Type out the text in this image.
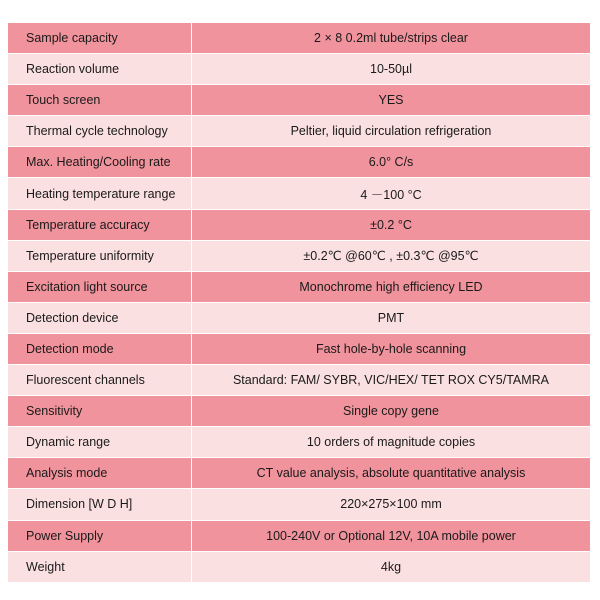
Sample capacity	2 × 8 0.2ml tube/strips clear
Reaction volume	10-50µl
Touch screen	YES
Thermal cycle technology	Peltier, liquid circulation refrigeration
Max. Heating/Cooling rate	6.0° C/s
Heating temperature range	4 －100 °C
Temperature accuracy	±0.2 °C
Temperature uniformity	±0.2℃ @60℃ , ±0.3℃ @95℃
Excitation light source	Monochrome high efficiency LED
Detection device	PMT
Detection mode	Fast hole-by-hole scanning
Fluorescent channels	Standard: FAM/ SYBR, VIC/HEX/ TET ROX CY5/TAMRA
Sensitivity	Single copy gene
Dynamic range	10 orders of magnitude copies
Analysis mode	CT value analysis, absolute quantitative analysis
Dimension [W D H]	220×275×100 mm
Power Supply	100-240V or Optional 12V, 10A mobile power
Weight	4kg
